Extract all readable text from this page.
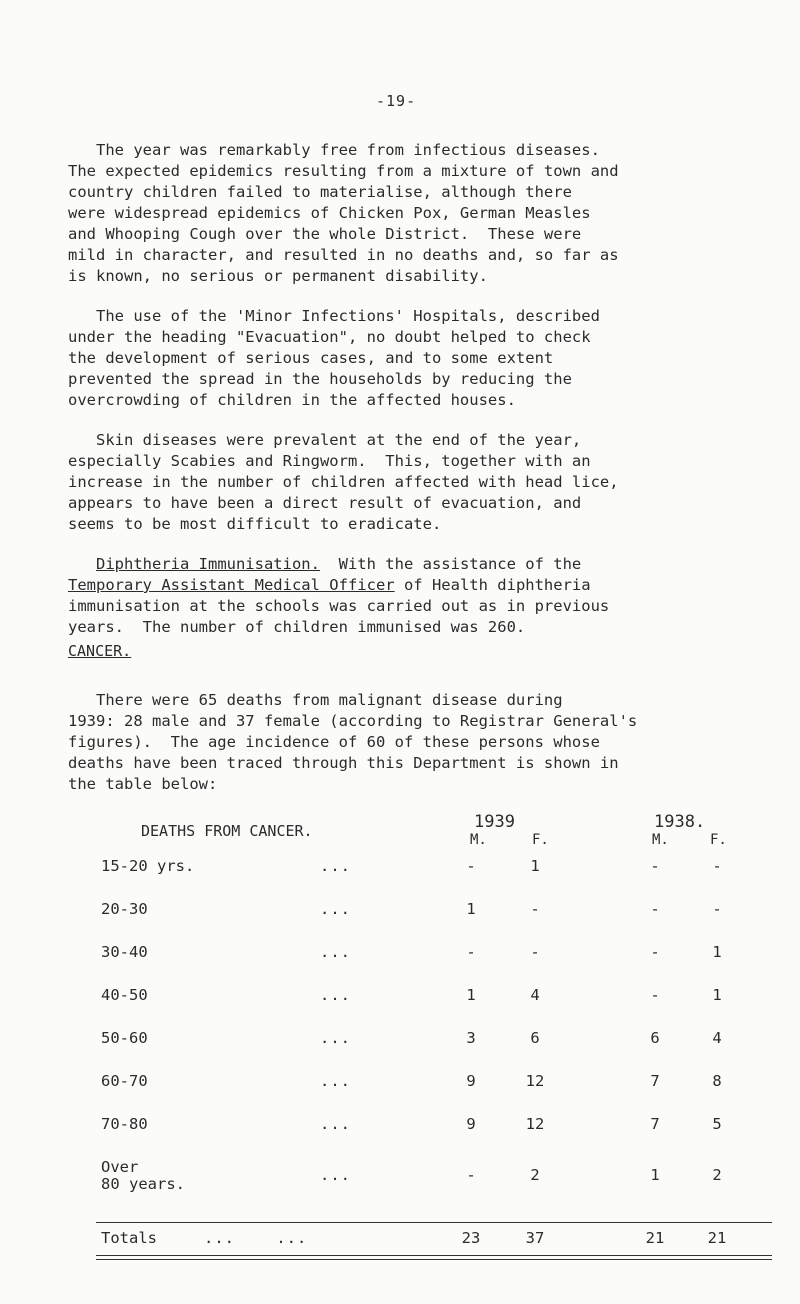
-19-
The year was remarkably free from infectious diseases.
The expected epidemics resulting from a mixture of town and
country children failed to materialise, although there
were widespread epidemics of Chicken Pox, German Measles
and Whooping Cough over the whole District.  These were
mild in character, and resulted in no deaths and, so far as
is known, no serious or permanent disability.
The use of the 'Minor Infections' Hospitals, described
under the heading "Evacuation", no doubt helped to check
the development of serious cases, and to some extent
prevented the spread in the households by reducing the
overcrowding of children in the affected houses.
Skin diseases were prevalent at the end of the year,
especially Scabies and Ringworm.  This, together with an
increase in the number of children affected with head lice,
appears to have been a direct result of evacuation, and
seems to be most difficult to eradicate.
Diphtheria Immunisation.  With the assistance of the
Temporary Assistant Medical Officer of Health diphtheria
immunisation at the schools was carried out as in previous
years.  The number of children immunised was 260.
CANCER.
There were 65 deaths from malignant disease during
1939: 28 male and 37 female (according to Registrar General's
figures).  The age incidence of 60 of these persons whose
deaths have been traced through this Department is shown in
the table below:
DEATHS FROM CANCER.	1939	1938.
M.	F.	M.	F.
15-20 yrs.	...	-	1	-	-
20-30	...	1	-	-	-
30-40	...	-	-	-	1
40-50	...	1	4	-	1
50-60	...	3	6	6	4
60-70	...	9	12	7	8
70-80	...	9	12	7	5
Over
80 years.	...	-	2	1	2
Totals	...    ...	23	37	21	21
